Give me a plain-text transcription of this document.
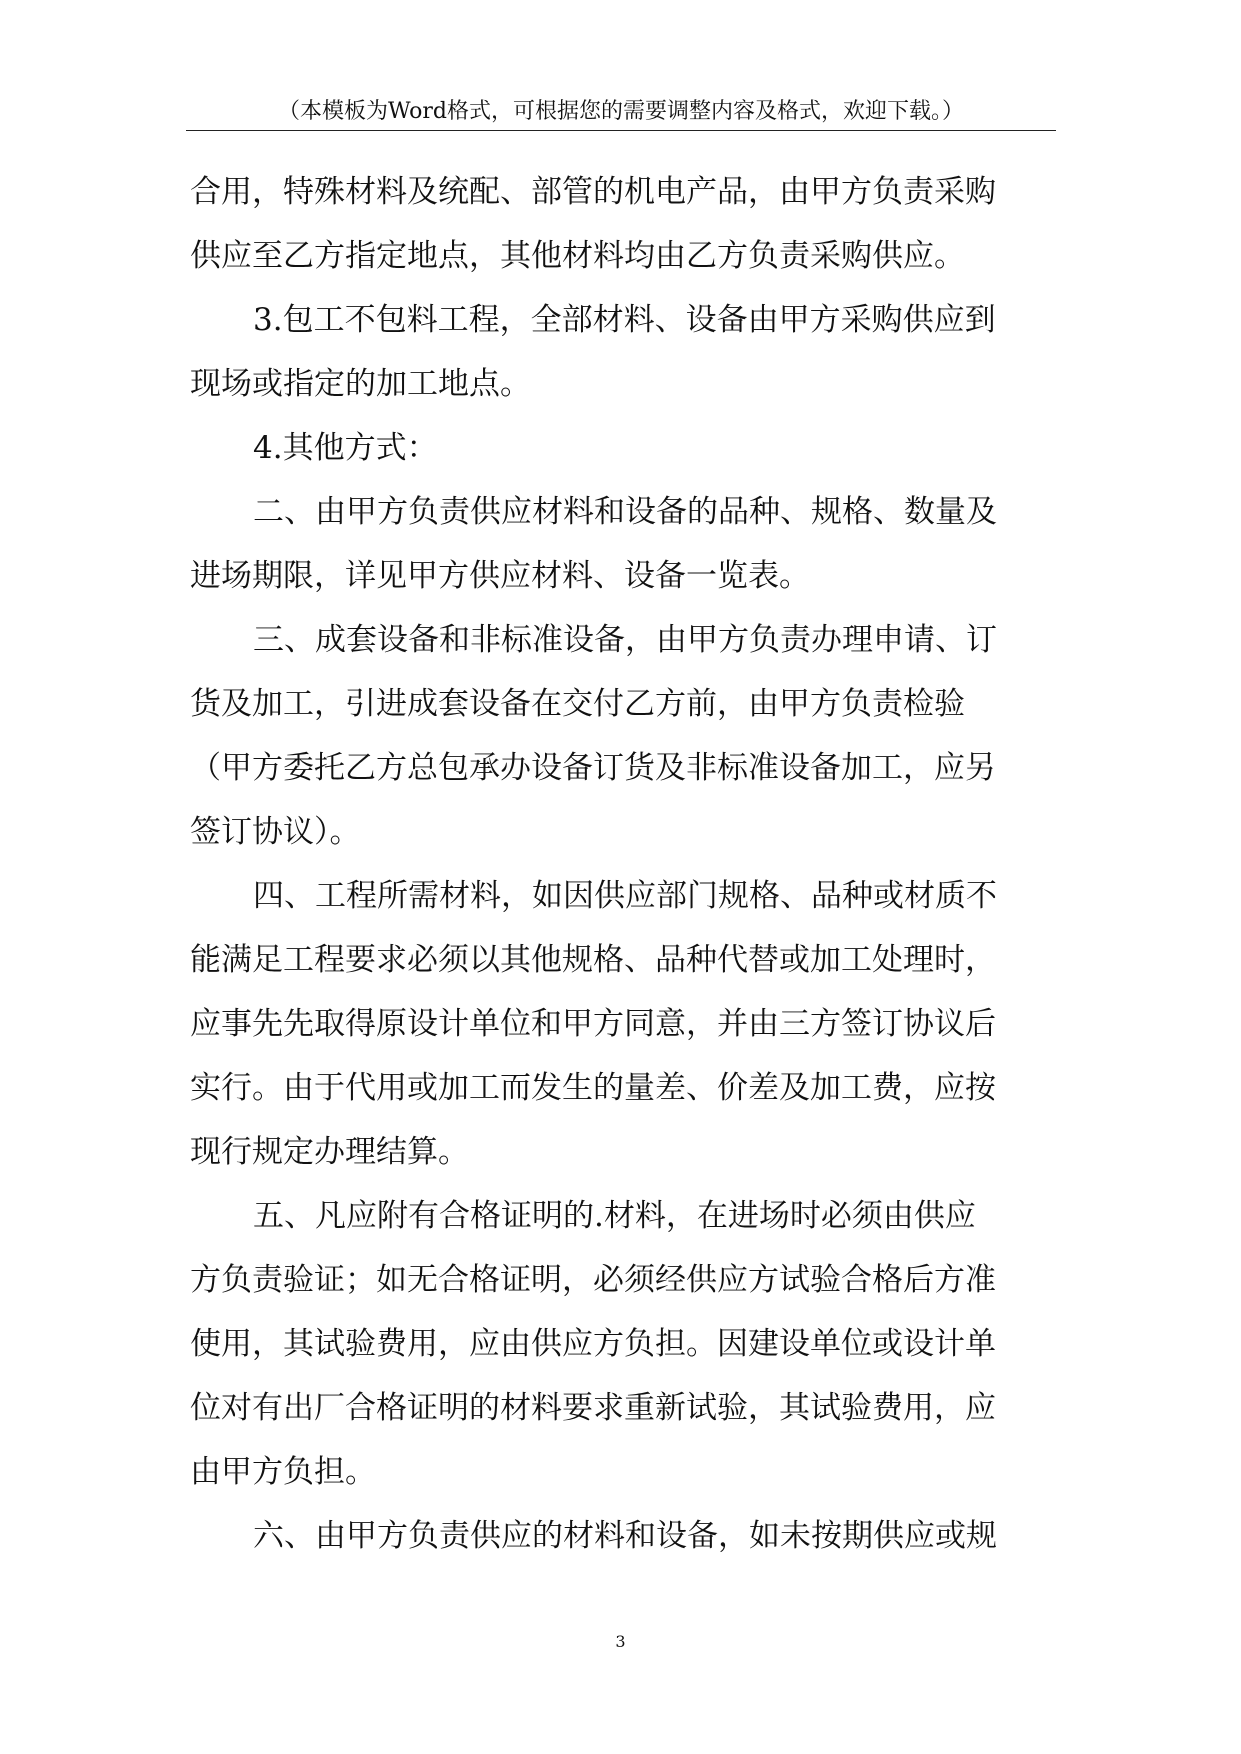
（本模板为Word格式，可根据您的需要调整内容及格式，欢迎下载。）
合用，特殊材料及统配、部管的机电产品，由甲方负责采购
供应至乙方指定地点，其他材料均由乙方负责采购供应。
3.包工不包料工程，全部材料、设备由甲方采购供应到
现场或指定的加工地点。
4.其他方式：
二、由甲方负责供应材料和设备的品种、规格、数量及
进场期限，详见甲方供应材料、设备一览表。
三、成套设备和非标准设备，由甲方负责办理申请、订
货及加工，引进成套设备在交付乙方前，由甲方负责检验
（甲方委托乙方总包承办设备订货及非标准设备加工，应另
签订协议）。
四、工程所需材料，如因供应部门规格、品种或材质不
能满足工程要求必须以其他规格、品种代替或加工处理时，
应事先先取得原设计单位和甲方同意，并由三方签订协议后
实行。由于代用或加工而发生的量差、价差及加工费，应按
现行规定办理结算。
五、凡应附有合格证明的.材料，在进场时必须由供应
方负责验证；如无合格证明，必须经供应方试验合格后方准
使用，其试验费用，应由供应方负担。因建设单位或设计单
位对有出厂合格证明的材料要求重新试验，其试验费用，应
由甲方负担。
六、由甲方负责供应的材料和设备，如未按期供应或规
3
